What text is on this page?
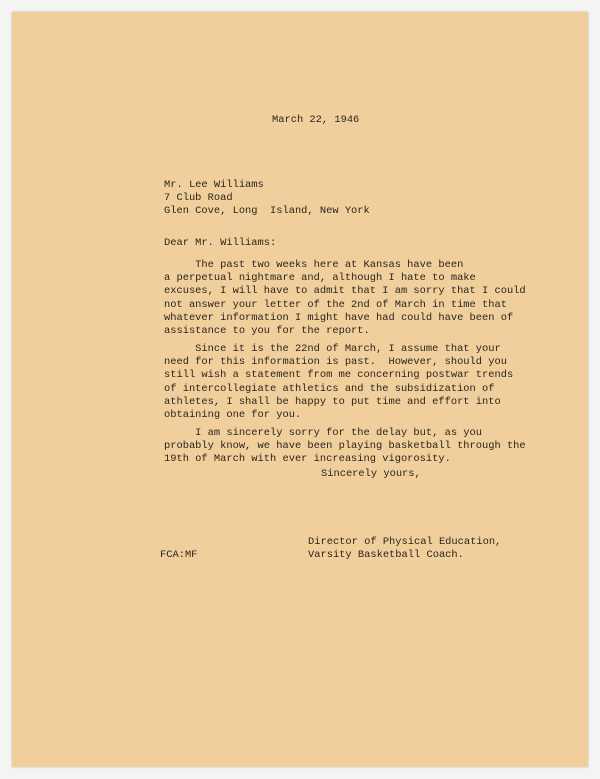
March 22, 1946
Mr. Lee Williams
7 Club Road
Glen Cove, Long  Island, New York
Dear Mr. Williams:
The past two weeks here at Kansas have been
a perpetual nightmare and, although I hate to make
excuses, I will have to admit that I am sorry that I could
not answer your letter of the 2nd of March in time that
whatever information I might have had could have been of
assistance to you for the report.
Since it is the 22nd of March, I assume that your
need for this information is past.  However, should you
still wish a statement from me concerning postwar trends
of intercollegiate athletics and the subsidization of
athletes, I shall be happy to put time and effort into
obtaining one for you.
I am sincerely sorry for the delay but, as you
probably know, we have been playing basketball through the
19th of March with ever increasing vigorosity.
Sincerely yours,
Director of Physical Education,
Varsity Basketball Coach.
FCA:MF
